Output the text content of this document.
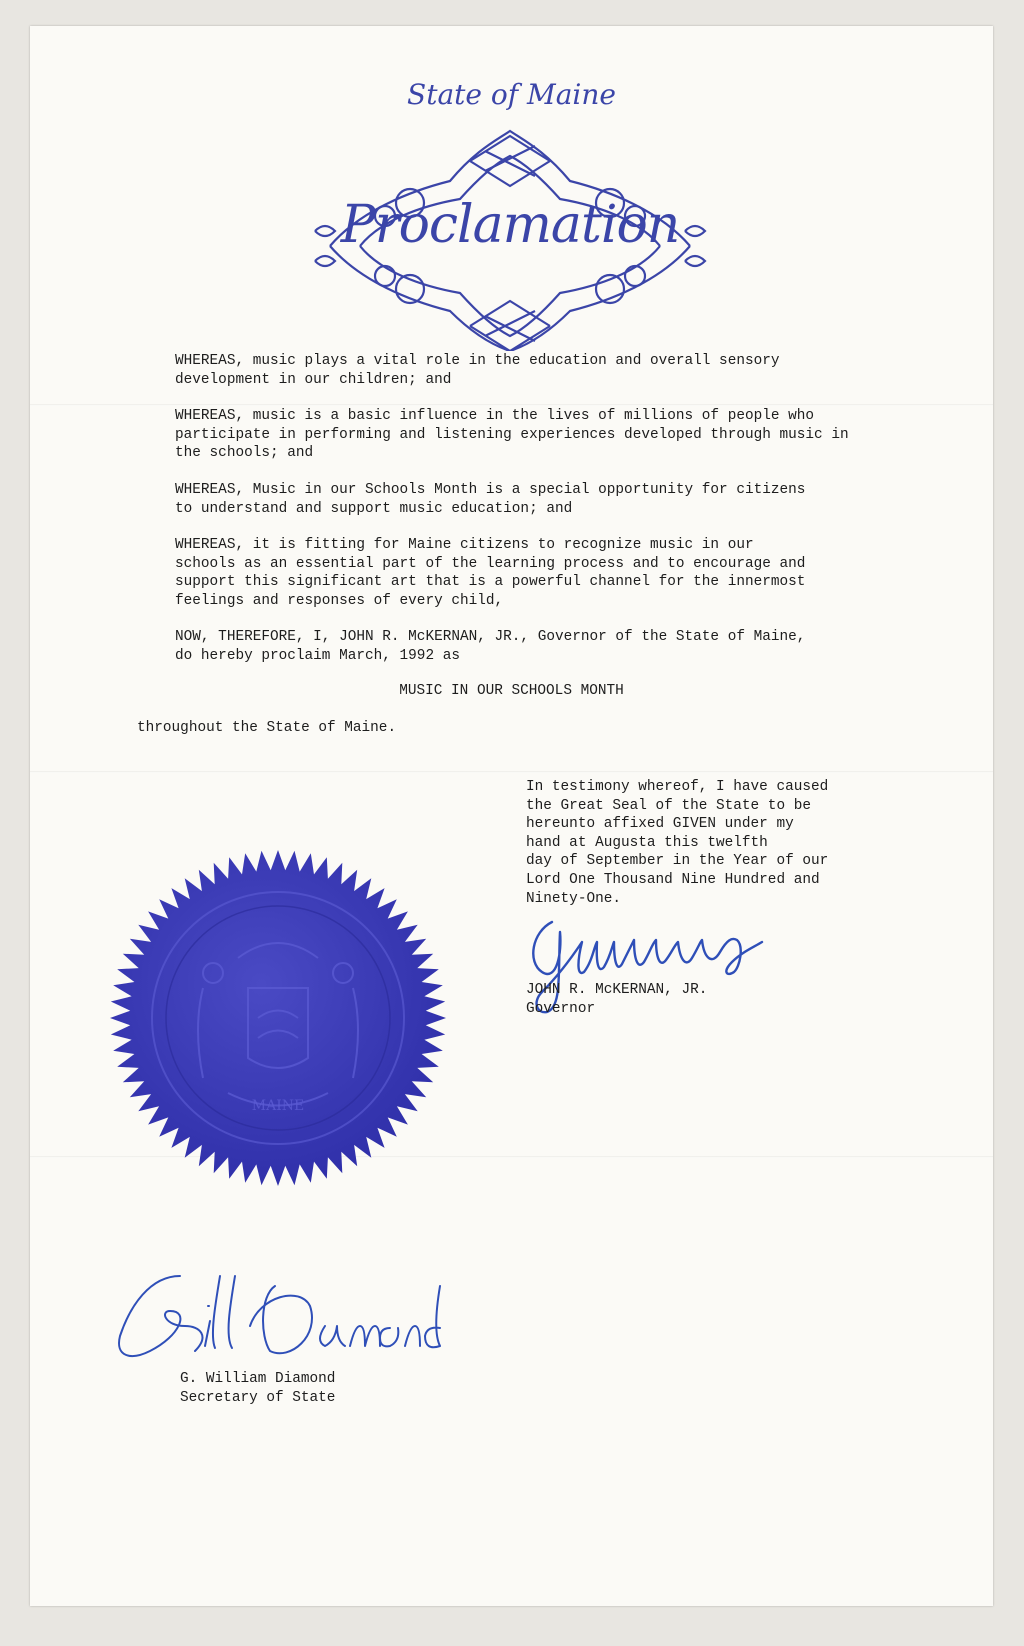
State of Maine
Proclamation
WHEREAS, music plays a vital role in the education and overall sensory
development in our children; and
WHEREAS, music is a basic influence in the lives of millions of people who
participate in performing and listening experiences developed through music in
the schools; and
WHEREAS, Music in our Schools Month is a special opportunity for citizens
to understand and support music education; and
WHEREAS, it is fitting for Maine citizens to recognize music in our
schools as an essential part of the learning process and to encourage and
support this significant art that is a powerful channel for the innermost
feelings and responses of every child,
NOW, THEREFORE, I, JOHN R. McKERNAN, JR., Governor of the State of Maine,
do hereby proclaim March, 1992 as
MUSIC IN OUR SCHOOLS MONTH
throughout the State of Maine.
In testimony whereof, I have caused
the Great Seal of the State to be
hereunto affixed GIVEN under my
hand at Augusta this twelfth
day of September in the Year of our
Lord One Thousand Nine Hundred and
Ninety-One.
JOHN R. McKERNAN, JR.
Governor
MAINE
G. William Diamond
Secretary of State
